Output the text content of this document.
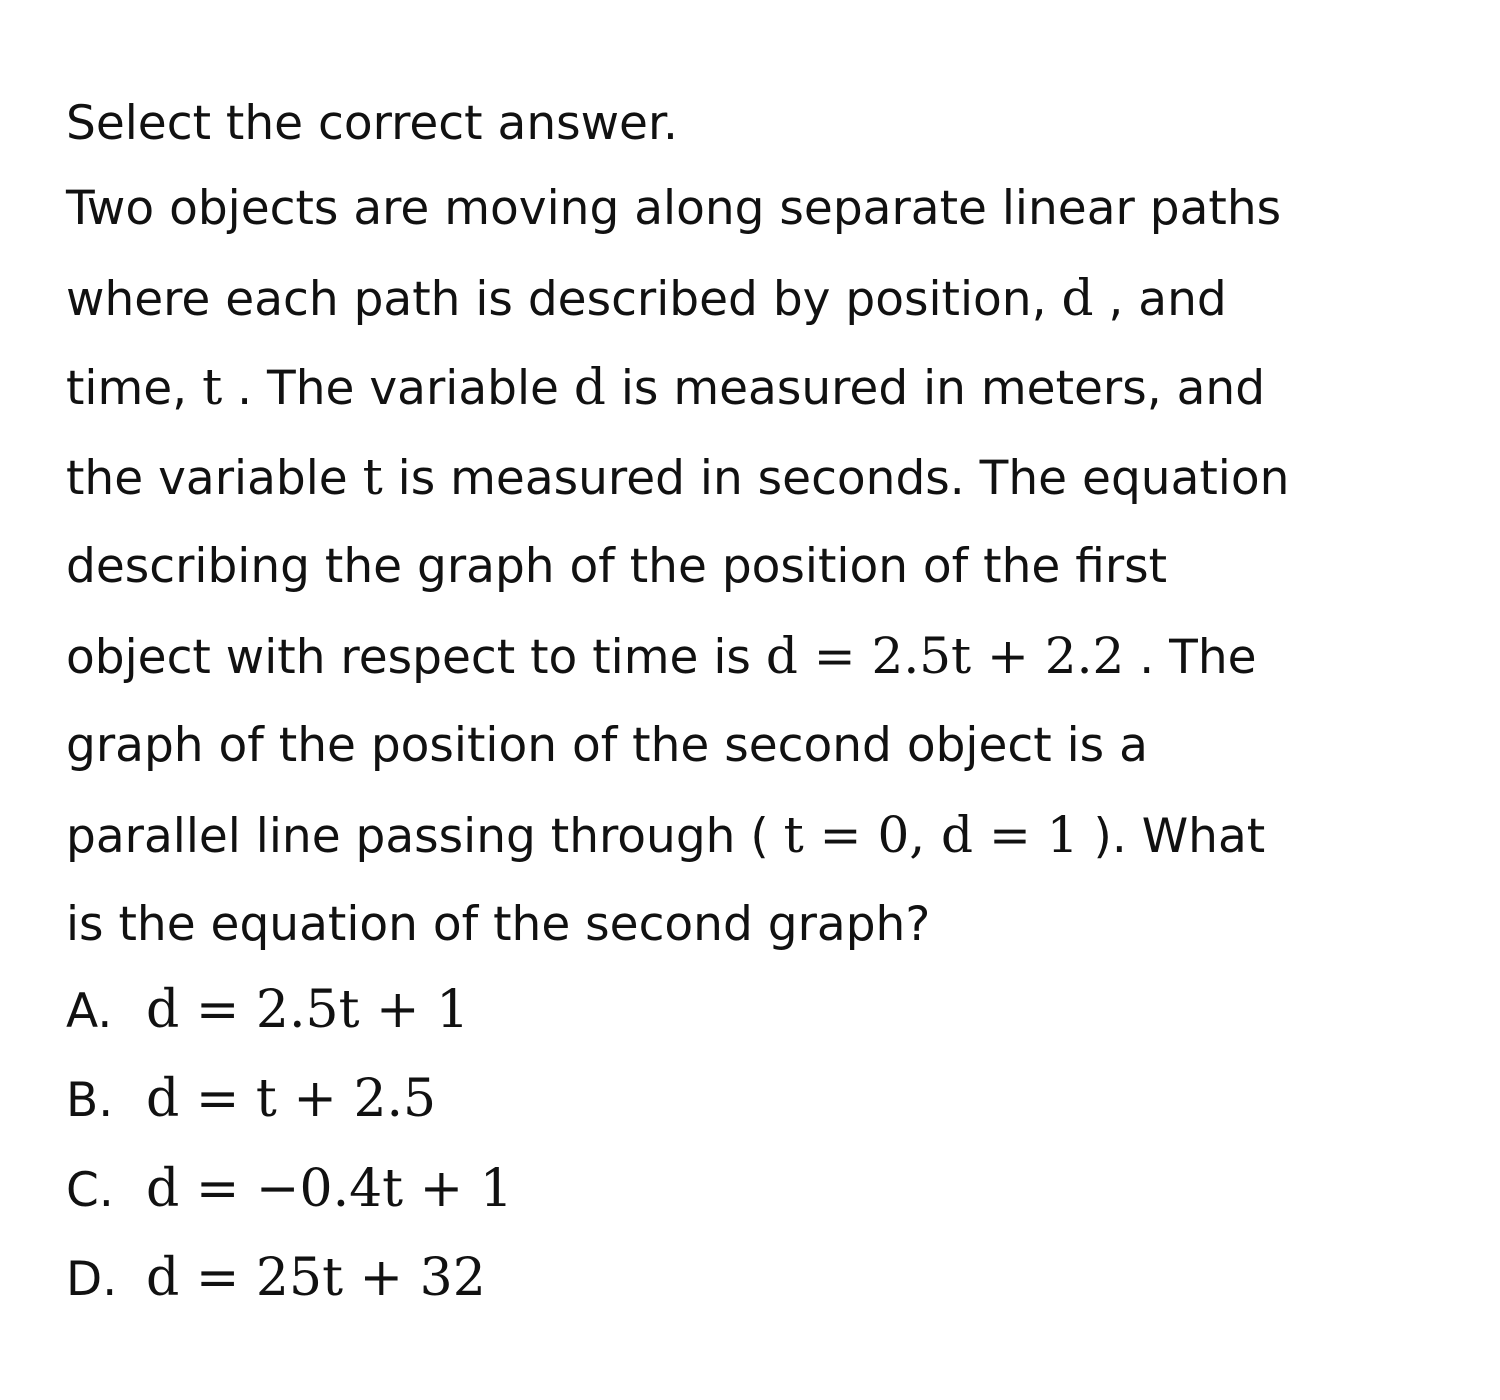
Select the correct answer.
Two objects are moving along separate linear paths
where each path is described by position, d , and
time, t . The variable d is measured in meters, and
the variable t is measured in seconds. The equation
describing the graph of the position of the first
object with respect to time is d = 2.5t + 2.2 . The
graph of the position of the second object is a
parallel line passing through ( t = 0, d = 1 ). What
is the equation of the second graph?
A. d = 2.5t + 1
B. d = t + 2.5
C. d = −0.4t + 1
D. d = 25t + 32
